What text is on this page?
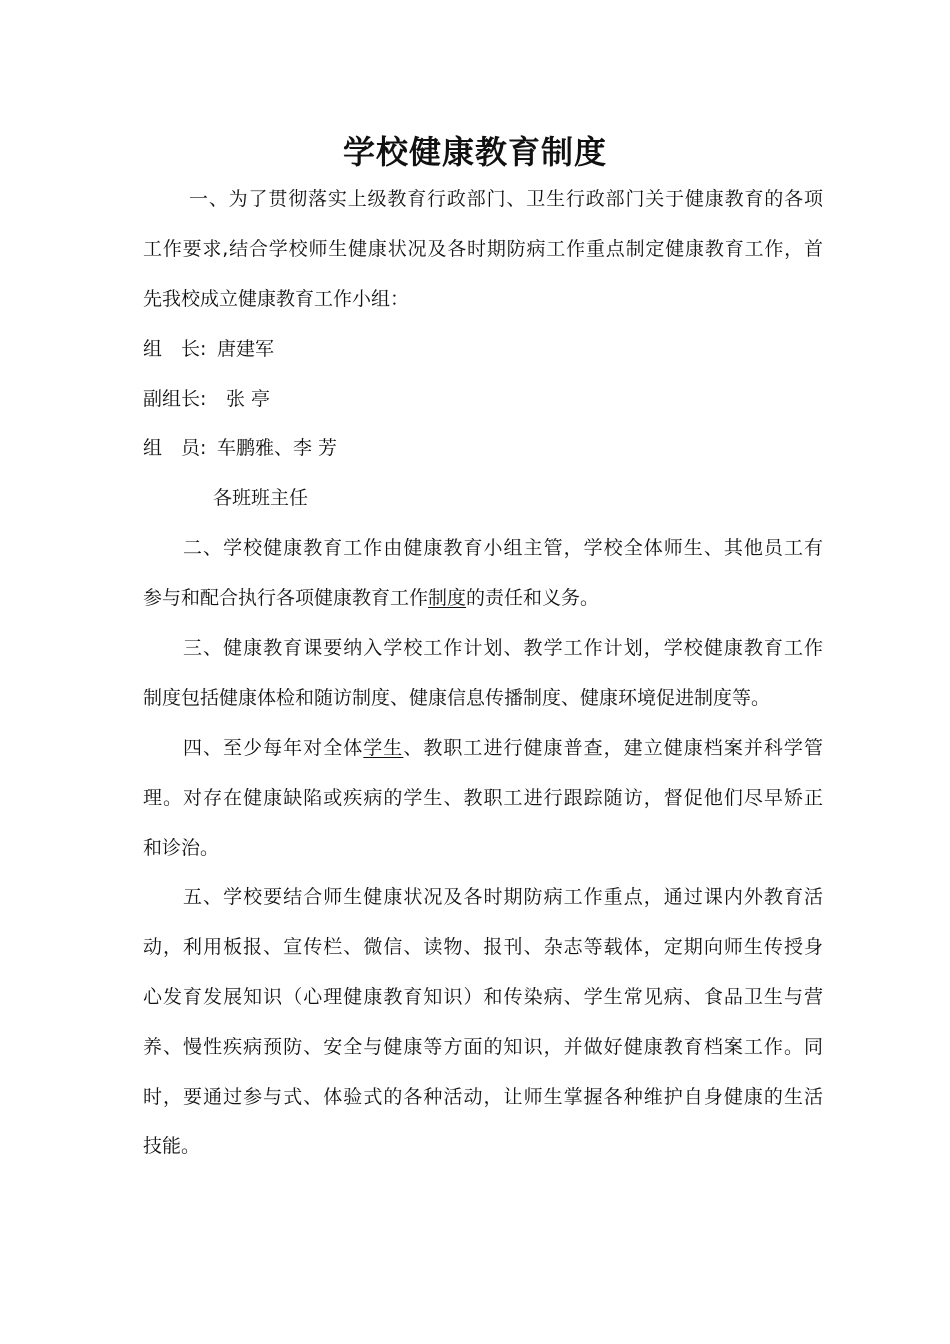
学校健康教育制度
一、为了贯彻落实上级教育行政部门、卫生行政部门关于健康教育的各项
工作要求,结合学校师生健康状况及各时期防病工作重点制定健康教育工作，首
先我校成立健康教育工作小组：
组　长: 唐建军
副组长: 张 亭
组　员: 车鹏雅、李 芳
各班班主任
二、学校健康教育工作由健康教育小组主管，学校全体师生、其他员工有
参与和配合执行各项健康教育工作制度的责任和义务。
三、健康教育课要纳入学校工作计划、教学工作计划，学校健康教育工作
制度包括健康体检和随访制度、健康信息传播制度、健康环境促进制度等。
四、至少每年对全体学生、教职工进行健康普查，建立健康档案并科学管
理。对存在健康缺陷或疾病的学生、教职工进行跟踪随访，督促他们尽早矫正
和诊治。
五、学校要结合师生健康状况及各时期防病工作重点，通过课内外教育活
动，利用板报、宣传栏、微信、读物、报刊、杂志等载体，定期向师生传授身
心发育发展知识（心理健康教育知识）和传染病、学生常见病、食品卫生与营
养、慢性疾病预防、安全与健康等方面的知识，并做好健康教育档案工作。同
时，要通过参与式、体验式的各种活动，让师生掌握各种维护自身健康的生活
技能。
